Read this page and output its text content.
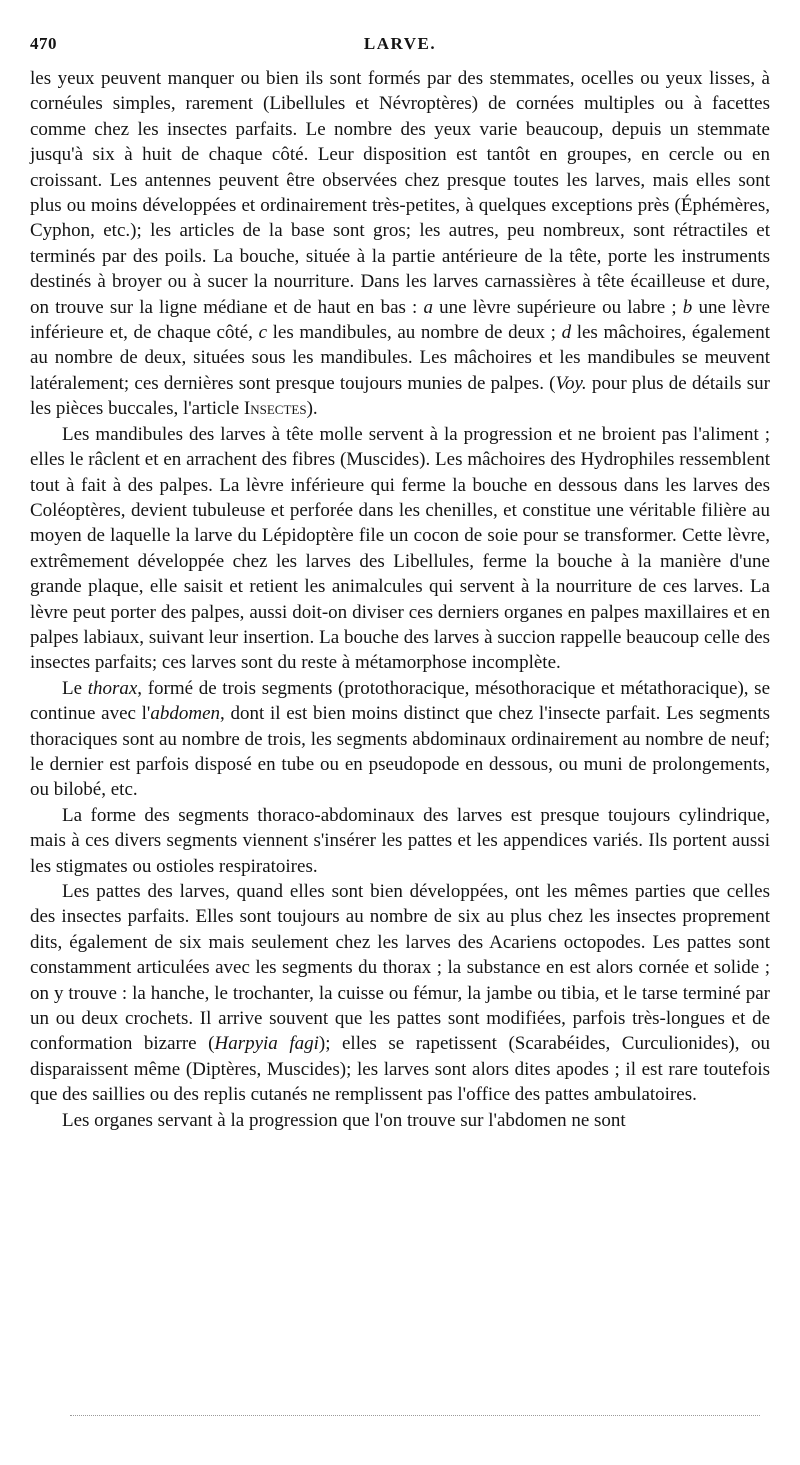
470	LARVE.

les yeux peuvent manquer ou bien ils sont formés par des stemmates, ocelles ou yeux lisses, à cornéules simples, rarement (Libellules et Névroptères) de cornées multiples ou à facettes comme chez les insectes parfaits. Le nombre des yeux varie beaucoup, depuis un stemmate jusqu'à six à huit de chaque côté. Leur disposition est tantôt en groupes, en cercle ou en croissant. Les antennes peuvent être observées chez presque toutes les larves, mais elles sont plus ou moins développées et ordinairement très-petites, à quelques exceptions près (Éphémères, Cyphon, etc.); les articles de la base sont gros; les autres, peu nombreux, sont rétractiles et terminés par des poils. La bouche, située à la partie antérieure de la tête, porte les instruments destinés à broyer ou à sucer la nourriture. Dans les larves carnassières à tête écailleuse et dure, on trouve sur la ligne médiane et de haut en bas : a une lèvre supérieure ou labre ; b une lèvre inférieure et, de chaque côté, c les mandibules, au nombre de deux ; d les mâchoires, également au nombre de deux, situées sous les mandibules. Les mâchoires et les mandibules se meuvent latéralement; ces dernières sont presque toujours munies de palpes. (Voy. pour plus de détails sur les pièces buccales, l'article Insectes).

Les mandibules des larves à tête molle servent à la progression et ne broient pas l'aliment ; elles le râclent et en arrachent des fibres (Muscides). Les mâchoires des Hydrophiles ressemblent tout à fait à des palpes. La lèvre inférieure qui ferme la bouche en dessous dans les larves des Coléoptères, devient tubuleuse et perforée dans les chenilles, et constitue une véritable filière au moyen de laquelle la larve du Lépidoptère file un cocon de soie pour se transformer. Cette lèvre, extrêmement développée chez les larves des Libellules, ferme la bouche à la manière d'une grande plaque, elle saisit et retient les animalcules qui servent à la nourriture de ces larves. La lèvre peut porter des palpes, aussi doit-on diviser ces derniers organes en palpes maxillaires et en palpes labiaux, suivant leur insertion. La bouche des larves à succion rappelle beaucoup celle des insectes parfaits; ces larves sont du reste à métamorphose incomplète.

Le thorax, formé de trois segments (protothoracique, mésothoracique et métathoracique), se continue avec l'abdomen, dont il est bien moins distinct que chez l'insecte parfait. Les segments thoraciques sont au nombre de trois, les segments abdominaux ordinairement au nombre de neuf; le dernier est parfois disposé en tube ou en pseudopode en dessous, ou muni de prolongements, ou bilobé, etc.

La forme des segments thoraco-abdominaux des larves est presque toujours cylindrique, mais à ces divers segments viennent s'insérer les pattes et les appendices variés. Ils portent aussi les stigmates ou ostioles respiratoires.

Les pattes des larves, quand elles sont bien développées, ont les mêmes parties que celles des insectes parfaits. Elles sont toujours au nombre de six au plus chez les insectes proprement dits, également de six mais seulement chez les larves des Acariens octopodes. Les pattes sont constamment articulées avec les segments du thorax ; la substance en est alors cornée et solide ; on y trouve : la hanche, le trochanter, la cuisse ou fémur, la jambe ou tibia, et le tarse terminé par un ou deux crochets. Il arrive souvent que les pattes sont modifiées, parfois très-longues et de conformation bizarre (Harpyia fagi); elles se rapetissent (Scarabéides, Curculionides), ou disparaissent même (Diptères, Muscides); les larves sont alors dites apodes ; il est rare toutefois que des saillies ou des replis cutanés ne remplissent pas l'office des pattes ambulatoires.

Les organes servant à la progression que l'on trouve sur l'abdomen ne sont
